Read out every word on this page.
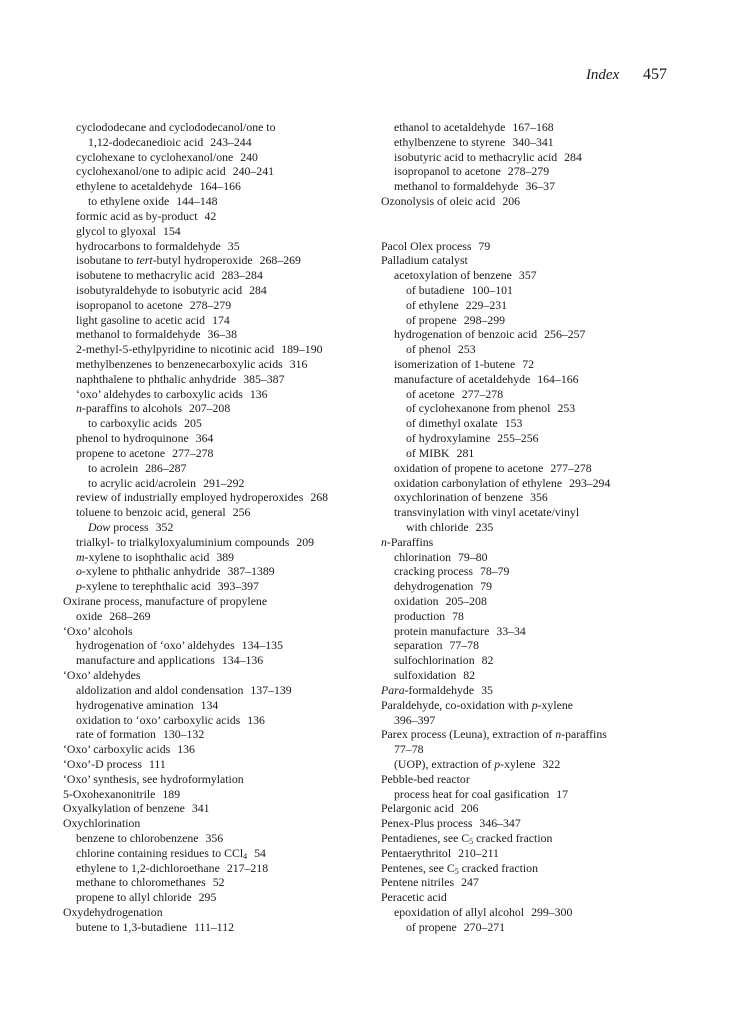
Index 457
cyclododecane and cyclododecanol/one to
1,12-dodecanedioic acid 243–244
cyclohexane to cyclohexanol/one 240
cyclohexanol/one to adipic acid 240–241
ethylene to acetaldehyde 164–166
to ethylene oxide 144–148
formic acid as by-product 42
glycol to glyoxal 154
hydrocarbons to formaldehyde 35
isobutane to tert-butyl hydroperoxide 268–269
isobutene to methacrylic acid 283–284
isobutyraldehyde to isobutyric acid 284
isopropanol to acetone 278–279
light gasoline to acetic acid 174
methanol to formaldehyde 36–38
2-methyl-5-ethylpyridine to nicotinic acid 189–190
methylbenzenes to benzenecarboxylic acids 316
naphthalene to phthalic anhydride 385–387
‘oxo’ aldehydes to carboxylic acids 136
n-paraffins to alcohols 207–208
to carboxylic acids 205
phenol to hydroquinone 364
propene to acetone 277–278
to acrolein 286–287
to acrylic acid/acrolein 291–292
review of industrially employed hydroperoxides 268
toluene to benzoic acid, general 256
Dow process 352
trialkyl- to trialkyloxyaluminium compounds 209
m-xylene to isophthalic acid 389
o-xylene to phthalic anhydride 387–1389
p-xylene to terephthalic acid 393–397
Oxirane process, manufacture of propylene
oxide 268–269
‘Oxo’ alcohols
hydrogenation of ‘oxo’ aldehydes 134–135
manufacture and applications 134–136
‘Oxo’ aldehydes
aldolization and aldol condensation 137–139
hydrogenative amination 134
oxidation to ‘oxo’ carboxylic acids 136
rate of formation 130–132
‘Oxo’ carboxylic acids 136
‘Oxo’-D process 111
‘Oxo’ synthesis, see hydroformylation
5-Oxohexanonitrile 189
Oxyalkylation of benzene 341
Oxychlorination
benzene to chlorobenzene 356
chlorine containing residues to CCl$_4$ 54
ethylene to 1,2-dichloroethane 217–218
methane to chloromethanes 52
propene to allyl chloride 295
Oxydehydrogenation
butene to 1,3-butadiene 111–112
ethanol to acetaldehyde 167–168
ethylbenzene to styrene 340–341
isobutyric acid to methacrylic acid 284
isopropanol to acetone 278–279
methanol to formaldehyde 36–37
Ozonolysis of oleic acid 206
Pacol Olex process 79
Palladium catalyst
acetoxylation of benzene 357
of butadiene 100–101
of ethylene 229–231
of propene 298–299
hydrogenation of benzoic acid 256–257
of phenol 253
isomerization of 1-butene 72
manufacture of acetaldehyde 164–166
of acetone 277–278
of cyclohexanone from phenol 253
of dimethyl oxalate 153
of hydroxylamine 255–256
of MIBK 281
oxidation of propene to acetone 277–278
oxidation carbonylation of ethylene 293–294
oxychlorination of benzene 356
transvinylation with vinyl acetate/vinyl
with chloride 235
n-Paraffins
chlorination 79–80
cracking process 78–79
dehydrogenation 79
oxidation 205–208
production 78
protein manufacture 33–34
separation 77–78
sulfochlorination 82
sulfoxidation 82
Para-formaldehyde 35
Paraldehyde, co-oxidation with p-xylene
396–397
Parex process (Leuna), extraction of n-paraffins
77–78
(UOP), extraction of p-xylene 322
Pebble-bed reactor
process heat for coal gasification 17
Pelargonic acid 206
Penex-Plus process 346–347
Pentadienes, see $C_5$ cracked fraction
Pentaerythritol 210–211
Pentenes, see $C_5$ cracked fraction
Pentene nitriles 247
Peracetic acid
epoxidation of allyl alcohol 299–300
of propene 270–271
